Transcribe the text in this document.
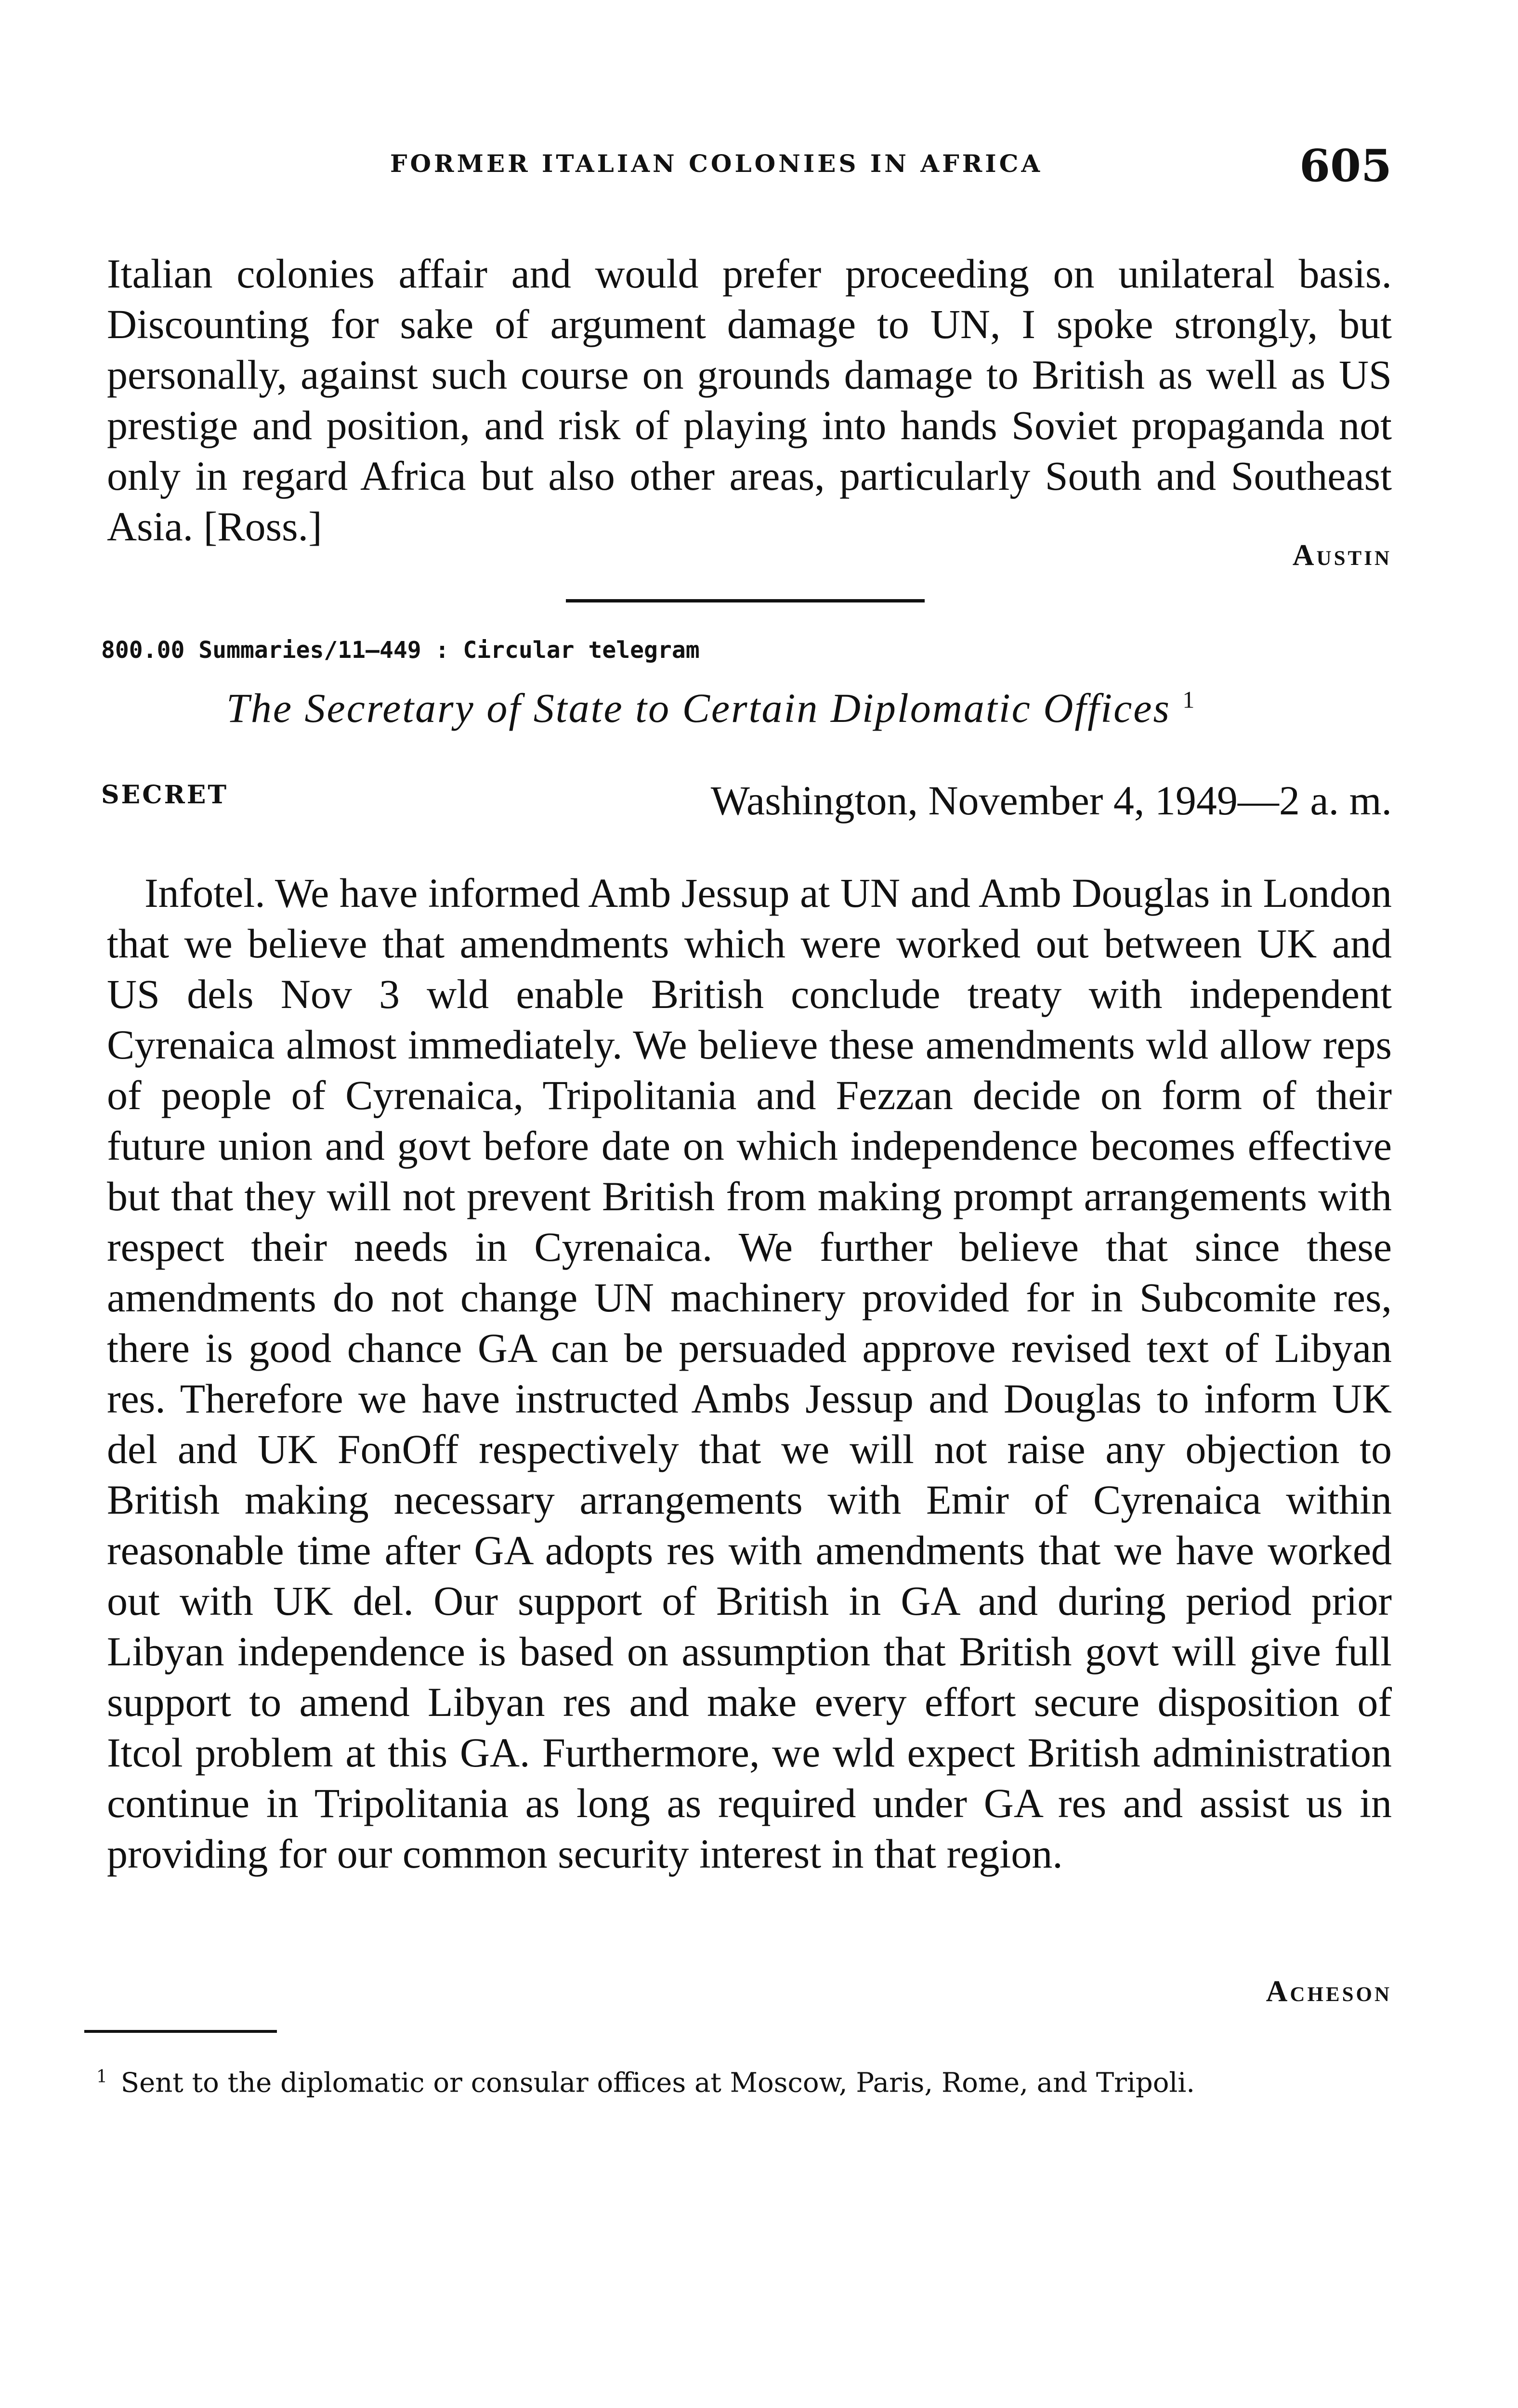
FORMER ITALIAN COLONIES IN AFRICA	605

Italian colonies affair and would prefer proceeding on unilateral basis. Discounting for sake of argument damage to UN, I spoke strongly, but personally, against such course on grounds damage to British as well as US prestige and position, and risk of playing into hands Soviet propaganda not only in regard Africa but also other areas, particularly South and Southeast Asia. [Ross.]

Austin
800.00 Summaries/11–449 : Circular telegram
The Secretary of State to Certain Diplomatic Offices $^1$
SECRET	Washington, November 4, 1949—2 a. m.

Infotel. We have informed Amb Jessup at UN and Amb Douglas in London that we believe that amendments which were worked out between UK and US dels Nov 3 wld enable British conclude treaty with independent Cyrenaica almost immediately. We believe these amendments wld allow reps of people of Cyrenaica, Tripolitania and Fezzan decide on form of their future union and govt before date on which independence becomes effective but that they will not prevent British from making prompt arrangements with respect their needs in Cyrenaica. We further believe that since these amendments do not change UN machinery provided for in Subcomite res, there is good chance GA can be persuaded approve revised text of Libyan res. Therefore we have instructed Ambs Jessup and Douglas to inform UK del and UK FonOff respectively that we will not raise any objection to British making necessary arrangements with Emir of Cyrenaica within reasonable time after GA adopts res with amendments that we have worked out with UK del. Our support of British in GA and during period prior Libyan independence is based on assumption that British govt will give full support to amend Libyan res and make every effort secure disposition of Itcol problem at this GA. Furthermore, we wld expect British administration continue in Tripolitania as long as required under GA res and assist us in providing for our common security interest in that region.

Acheson
$^1$ Sent to the diplomatic or consular offices at Moscow, Paris, Rome, and Tripoli.
